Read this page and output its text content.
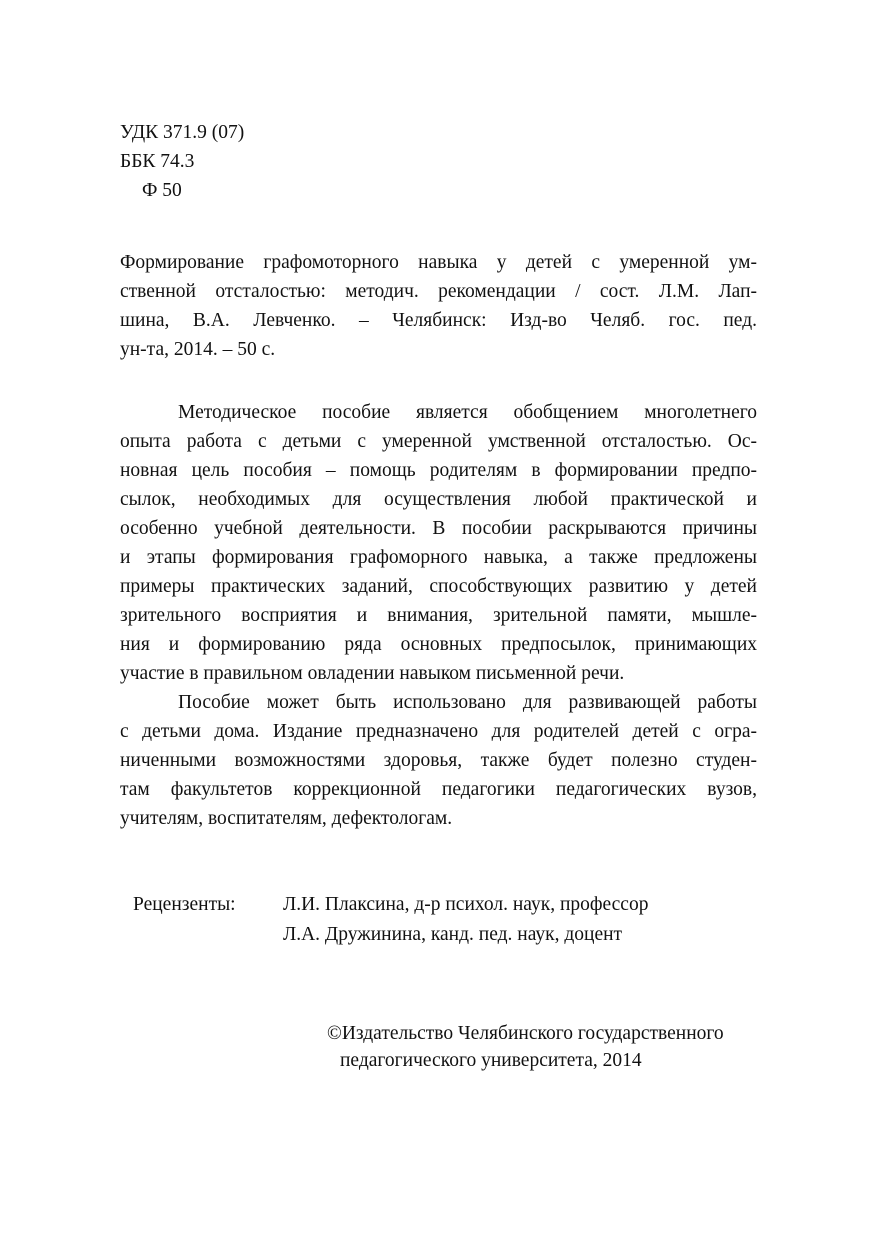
УДК 371.9 (07)
ББК 74.3
Ф 50
Формирование графомоторного навыка у детей с умеренной ум-
ственной отсталостью: методич. рекомендации / сост. Л.М. Лап-
шина, В.А. Левченко. – Челябинск: Изд-во Челяб. гос. пед.
ун-та, 2014. – 50 с.
Методическое пособие является обобщением многолетнего
опыта работа с детьми с умеренной умственной отсталостью. Ос-
новная цель пособия – помощь родителям в формировании предпо-
сылок, необходимых для осуществления любой практической и
особенно учебной деятельности. В пособии раскрываются причины
и этапы формирования графоморного навыка, а также предложены
примеры практических заданий, способствующих развитию у детей
зрительного восприятия и внимания, зрительной памяти, мышле-
ния и формированию ряда основных предпосылок, принимающих
участие в правильном овладении навыком письменной речи.
Пособие может быть использовано для развивающей работы
с детьми дома. Издание предназначено для родителей детей с огра-
ниченными возможностями здоровья, также будет полезно студен-
там факультетов коррекционной педагогики педагогических вузов,
учителям, воспитателям, дефектологам.
Рецензенты:	Л.И. Плаксина, д-р психол. наук, профессор
Л.А. Дружинина, канд. пед. наук, доцент
©Издательство Челябинского государственного
педагогического университета, 2014
